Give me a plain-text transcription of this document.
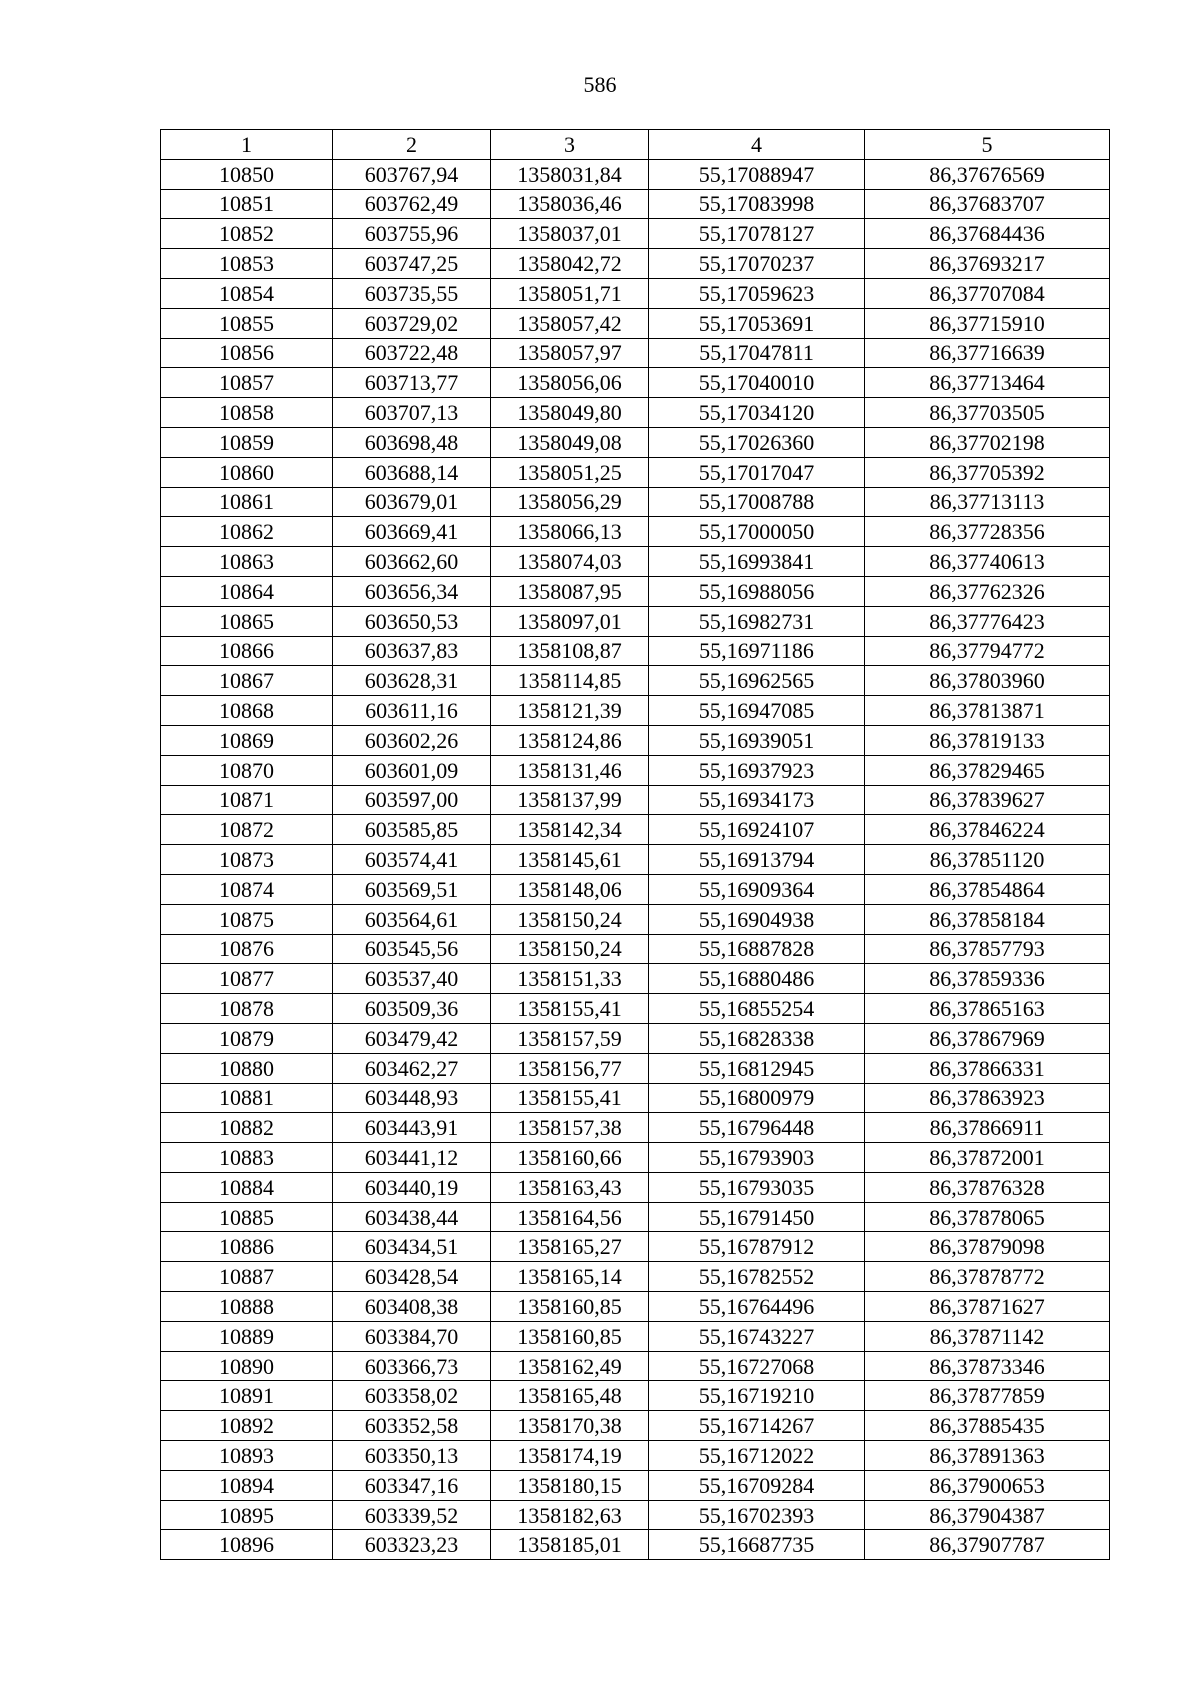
586
1	2	3	4	5
10850	603767,94	1358031,84	55,17088947	86,37676569
10851	603762,49	1358036,46	55,17083998	86,37683707
10852	603755,96	1358037,01	55,17078127	86,37684436
10853	603747,25	1358042,72	55,17070237	86,37693217
10854	603735,55	1358051,71	55,17059623	86,37707084
10855	603729,02	1358057,42	55,17053691	86,37715910
10856	603722,48	1358057,97	55,17047811	86,37716639
10857	603713,77	1358056,06	55,17040010	86,37713464
10858	603707,13	1358049,80	55,17034120	86,37703505
10859	603698,48	1358049,08	55,17026360	86,37702198
10860	603688,14	1358051,25	55,17017047	86,37705392
10861	603679,01	1358056,29	55,17008788	86,37713113
10862	603669,41	1358066,13	55,17000050	86,37728356
10863	603662,60	1358074,03	55,16993841	86,37740613
10864	603656,34	1358087,95	55,16988056	86,37762326
10865	603650,53	1358097,01	55,16982731	86,37776423
10866	603637,83	1358108,87	55,16971186	86,37794772
10867	603628,31	1358114,85	55,16962565	86,37803960
10868	603611,16	1358121,39	55,16947085	86,37813871
10869	603602,26	1358124,86	55,16939051	86,37819133
10870	603601,09	1358131,46	55,16937923	86,37829465
10871	603597,00	1358137,99	55,16934173	86,37839627
10872	603585,85	1358142,34	55,16924107	86,37846224
10873	603574,41	1358145,61	55,16913794	86,37851120
10874	603569,51	1358148,06	55,16909364	86,37854864
10875	603564,61	1358150,24	55,16904938	86,37858184
10876	603545,56	1358150,24	55,16887828	86,37857793
10877	603537,40	1358151,33	55,16880486	86,37859336
10878	603509,36	1358155,41	55,16855254	86,37865163
10879	603479,42	1358157,59	55,16828338	86,37867969
10880	603462,27	1358156,77	55,16812945	86,37866331
10881	603448,93	1358155,41	55,16800979	86,37863923
10882	603443,91	1358157,38	55,16796448	86,37866911
10883	603441,12	1358160,66	55,16793903	86,37872001
10884	603440,19	1358163,43	55,16793035	86,37876328
10885	603438,44	1358164,56	55,16791450	86,37878065
10886	603434,51	1358165,27	55,16787912	86,37879098
10887	603428,54	1358165,14	55,16782552	86,37878772
10888	603408,38	1358160,85	55,16764496	86,37871627
10889	603384,70	1358160,85	55,16743227	86,37871142
10890	603366,73	1358162,49	55,16727068	86,37873346
10891	603358,02	1358165,48	55,16719210	86,37877859
10892	603352,58	1358170,38	55,16714267	86,37885435
10893	603350,13	1358174,19	55,16712022	86,37891363
10894	603347,16	1358180,15	55,16709284	86,37900653
10895	603339,52	1358182,63	55,16702393	86,37904387
10896	603323,23	1358185,01	55,16687735	86,37907787
